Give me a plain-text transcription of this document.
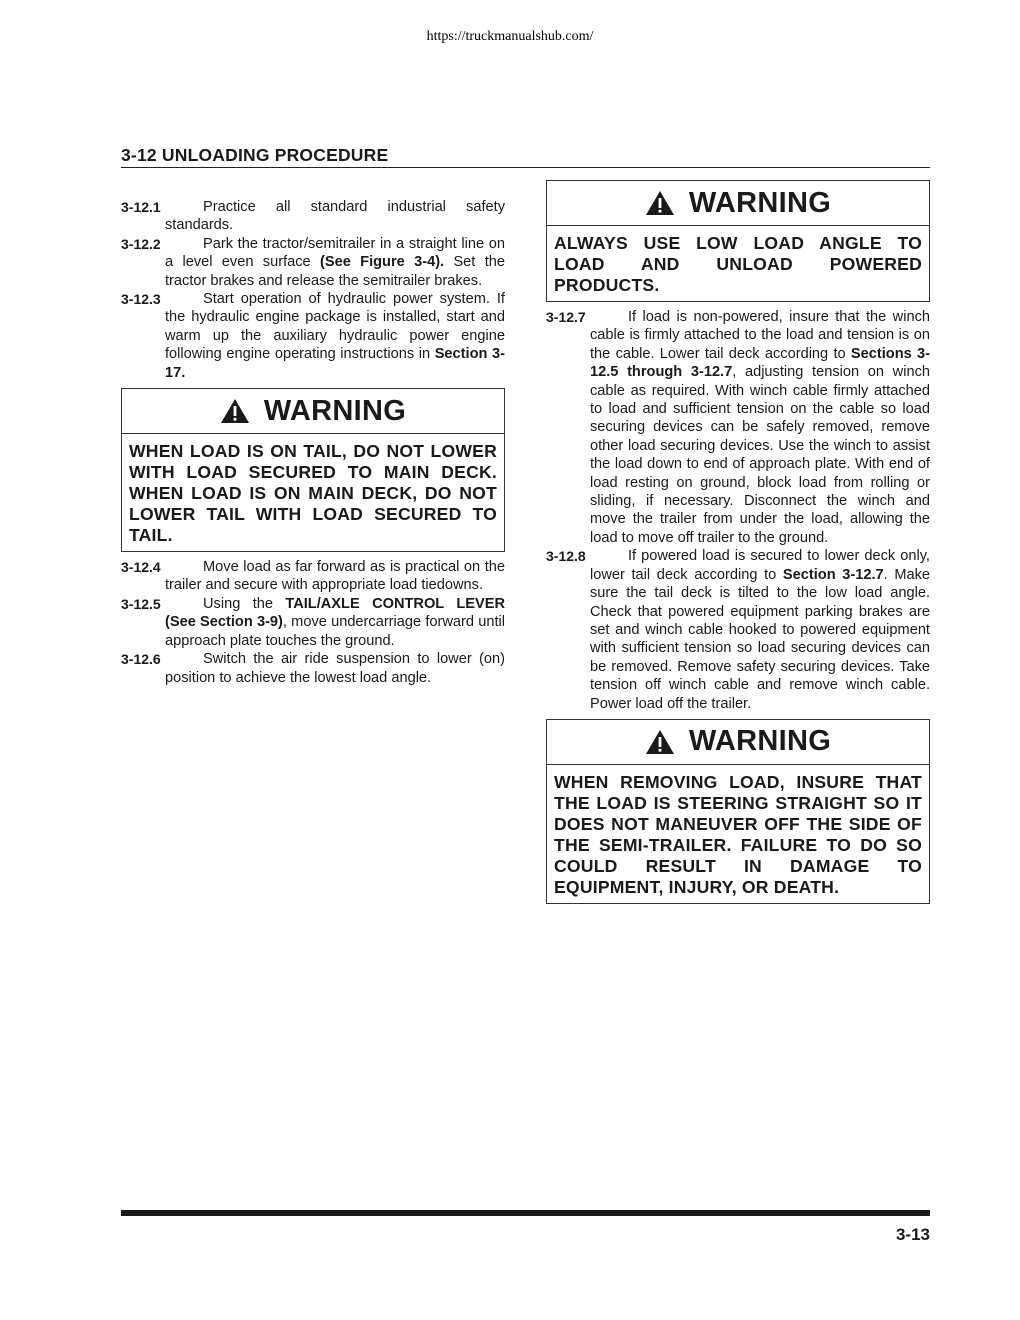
https://truckmanualshub.com/
3-12 UNLOADING PROCEDURE
3-12.1	Practice all standard industrial safety standards.
3-12.2	Park the tractor/semitrailer in a straight line on a level even surface (See Figure 3-4). Set the tractor brakes and release the semitrailer brakes.
3-12.3	Start operation of hydraulic power system. If the hydraulic engine package is installed, start and warm up the auxiliary hydraulic power engine following engine operating instructions in Section 3-17.
WARNING
WHEN LOAD IS ON TAIL, DO NOT LOWER WITH LOAD SECURED TO MAIN DECK. WHEN LOAD IS ON MAIN DECK, DO NOT LOWER TAIL WITH LOAD SECURED TO TAIL.
3-12.4	Move load as far forward as is practical on the trailer and secure with appropriate load tiedowns.
3-12.5	Using the TAIL/AXLE CONTROL LEVER (See Section 3-9), move undercarriage forward until approach plate touches the ground.
3-12.6	Switch the air ride suspension to lower (on) position to achieve the lowest load angle.
WARNING
ALWAYS USE LOW LOAD ANGLE TO LOAD AND UNLOAD POWERED PRODUCTS.
3-12.7	If load is non-powered, insure that the winch cable is firmly attached to the load and tension is on the cable. Lower tail deck according to Sections 3-12.5 through 3-12.7, adjusting tension on winch cable as required. With winch cable firmly attached to load and sufficient tension on the cable so load securing devices can be safely removed, remove other load securing devices. Use the winch to assist the load down to end of approach plate. With end of load resting on ground, block load from rolling or sliding, if necessary. Disconnect the winch and move the trailer from under the load, allowing the load to move off trailer to the ground.
3-12.8	If powered load is secured to lower deck only, lower tail deck according to Section 3-12.7. Make sure the tail deck is tilted to the low load angle. Check that powered equipment parking brakes are set and winch cable hooked to powered equipment with sufficient tension so load securing devices can be removed. Remove safety securing devices. Take tension off winch cable and remove winch cable. Power load off the trailer.
WARNING
WHEN REMOVING LOAD, INSURE THAT THE LOAD IS STEERING STRAIGHT SO IT DOES NOT MANEUVER OFF THE SIDE OF THE SEMI-TRAILER. FAILURE TO DO SO COULD RESULT IN DAMAGE TO EQUIPMENT, INJURY, OR DEATH.
3-13
